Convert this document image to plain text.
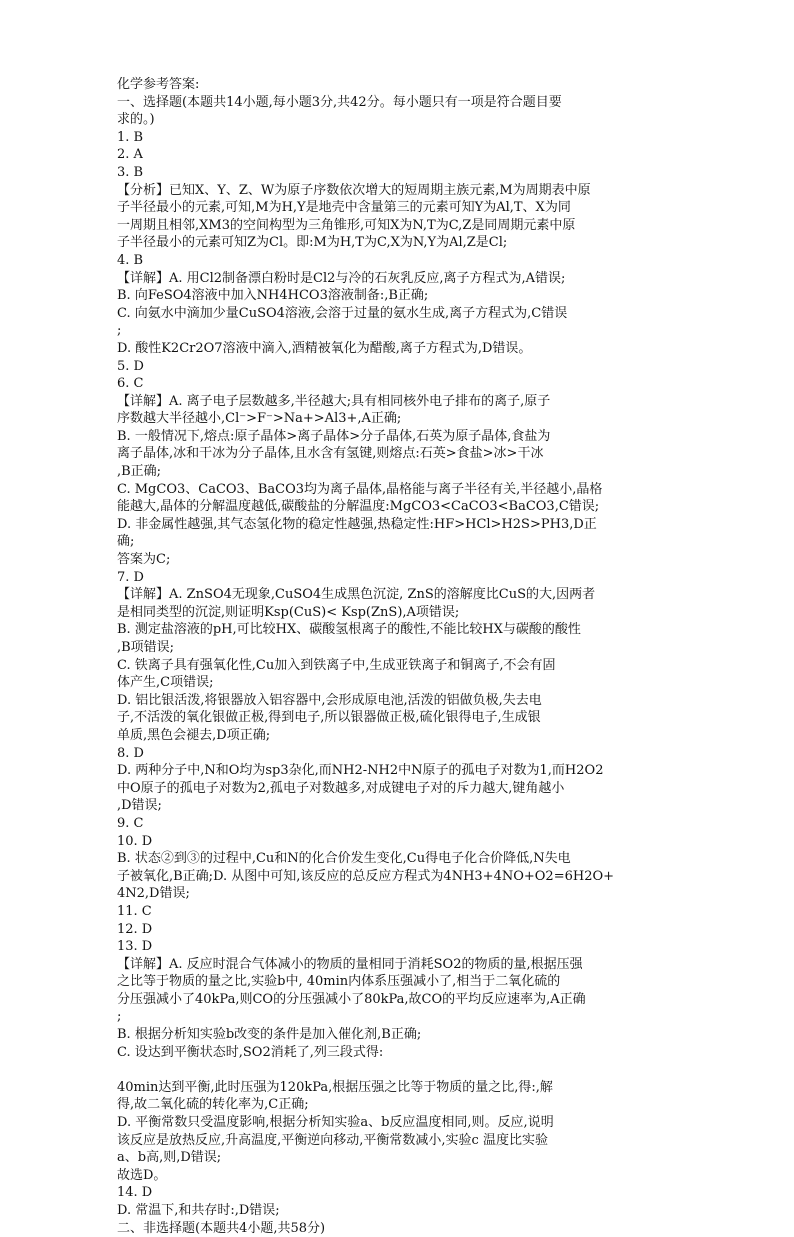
化学参考答案:
一、选择题(本题共14小题,每小题3分,共42分。每小题只有一项是符合题目要
求的。)
1. B
2. A
3. B
【分析】已知X、Y、Z、W为原子序数依次增大的短周期主族元素,M为周期表中原
子半径最小的元素,可知,M为H,Y是地壳中含量第三的元素可知Y为Al,T、X为同
一周期且相邻,XM3的空间构型为三角锥形,可知X为N,T为C,Z是同周期元素中原
子半径最小的元素可知Z为Cl。即:M为H,T为C,X为N,Y为Al,Z是Cl;
4. B
【详解】A. 用Cl2制备漂白粉时是Cl2与冷的石灰乳反应,离子方程式为,A错误;
B. 向FeSO4溶液中加入NH4HCO3溶液制备:,B正确;
C. 向氨水中滴加少量CuSO4溶液,会溶于过量的氨水生成,离子方程式为,C错误
;
D. 酸性K2Cr2O7溶液中滴入,酒精被氧化为醋酸,离子方程式为,D错误。
5. D
6. C
【详解】A. 离子电子层数越多,半径越大;具有相同核外电子排布的离子,原子
序数越大半径越小,Cl⁻>F⁻>Na+>Al3+,A正确;
B. 一般情况下,熔点:原子晶体>离子晶体>分子晶体,石英为原子晶体,食盐为
离子晶体,冰和干冰为分子晶体,且水含有氢键,则熔点:石英>食盐>冰>干冰
,B正确;
C. MgCO3、CaCO3、BaCO3均为离子晶体,晶格能与离子半径有关,半径越小,晶格
能越大,晶体的分解温度越低,碳酸盐的分解温度:MgCO3<CaCO3<BaCO3,C错误;
D. 非金属性越强,其气态氢化物的稳定性越强,热稳定性:HF>HCl>H2S>PH3,D正
确;
答案为C;
7. D
【详解】A. ZnSO4无现象,CuSO4生成黑色沉淀, ZnS的溶解度比CuS的大,因两者
是相同类型的沉淀,则证明Ksp(CuS)< Ksp(ZnS),A项错误;
B. 测定盐溶液的pH,可比较HX、碳酸氢根离子的酸性,不能比较HX与碳酸的酸性
,B项错误;
C. 铁离子具有强氧化性,Cu加入到铁离子中,生成亚铁离子和铜离子,不会有固
体产生,C项错误;
D. 铝比银活泼,将银器放入铝容器中,会形成原电池,活泼的铝做负极,失去电
子,不活泼的氧化银做正极,得到电子,所以银器做正极,硫化银得电子,生成银
单质,黑色会褪去,D项正确;
8. D
D. 两种分子中,N和O均为sp3杂化,而NH2-NH2中N原子的孤电子对数为1,而H2O2
中O原子的孤电子对数为2,孤电子对数越多,对成键电子对的斥力越大,键角越小
,D错误;
9. C
10. D
B. 状态②到③的过程中,Cu和N的化合价发生变化,Cu得电子化合价降低,N失电
子被氧化,B正确;D. 从图中可知,该反应的总反应方程式为4NH3+4NO+O2=6H2O+
4N2,D错误;
11. C
12. D
13. D
【详解】A. 反应时混合气体减小的物质的量相同于消耗SO2的物质的量,根据压强
之比等于物质的量之比,实验b中, 40min内体系压强减小了,相当于二氧化硫的
分压强减小了40kPa,则CO的分压强减小了80kPa,故CO的平均反应速率为,A正确
;
B. 根据分析知实验b改变的条件是加入催化剂,B正确;
C. 设达到平衡状态时,SO2消耗了,列三段式得:
40min达到平衡,此时压强为120kPa,根据压强之比等于物质的量之比,得:,解
得,故二氧化硫的转化率为,C正确;
D. 平衡常数只受温度影响,根据分析知实验a、b反应温度相同,则。反应,说明
该反应是放热反应,升高温度,平衡逆向移动,平衡常数减小,实验c 温度比实验
a、b高,则,D错误;
故选D。
14. D
D. 常温下,和共存时:,D错误;
二、非选择题(本题共4小题,共58分)
